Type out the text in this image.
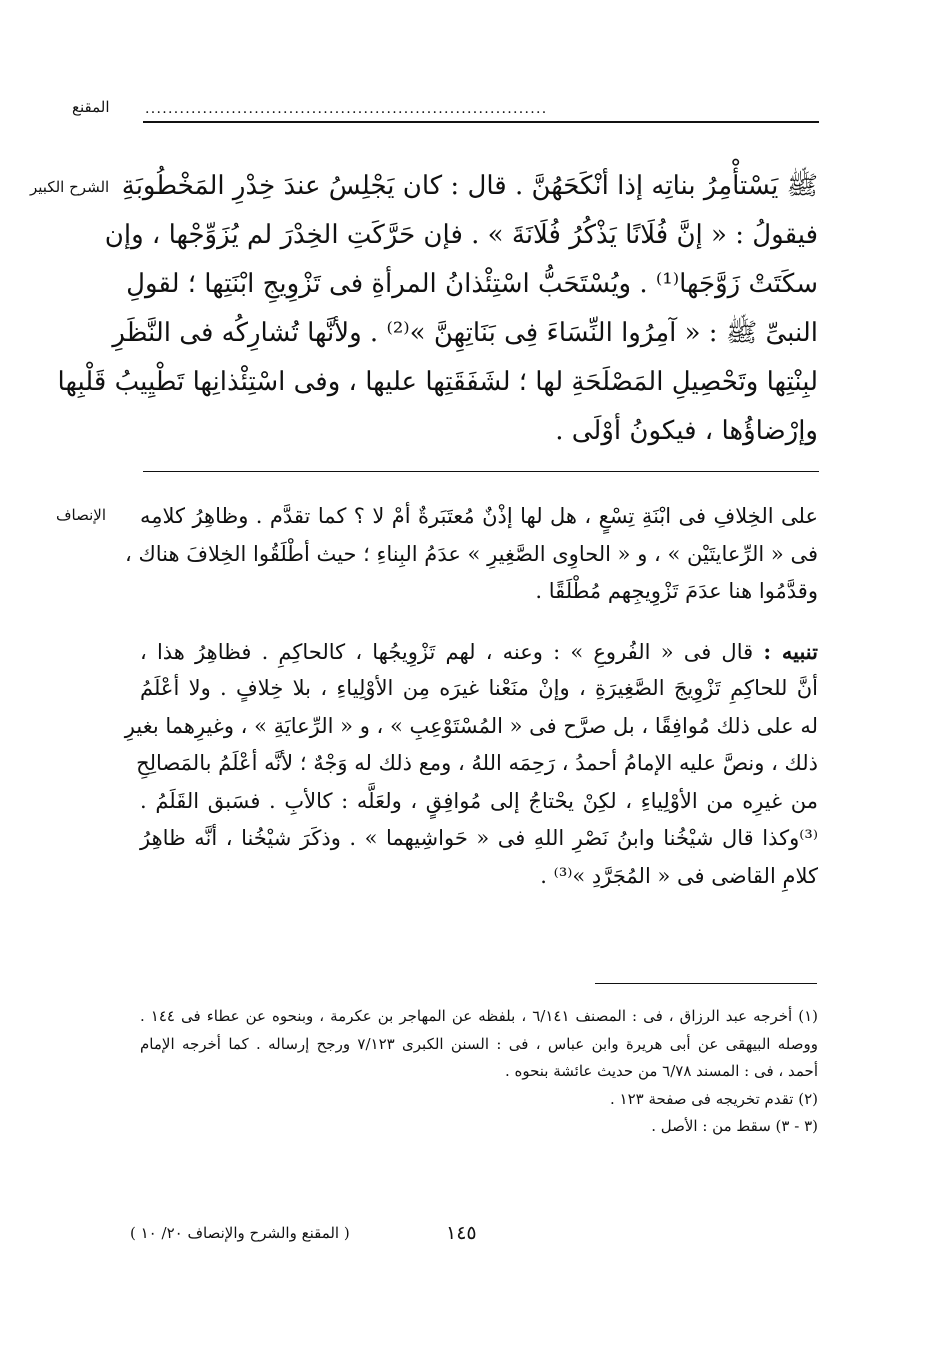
المقنع	......................................................................
الشرح الكبير ﷺ يَسْتأْمِرُ بناتِه إذا أنْكَحَهُنَّ . قال : كان يَجْلِسُ عندَ خِدْرِ المَخْطُوبَةِ
فيقولُ : « إنَّ فُلَانًا يَذْكُرُ فُلَانَةَ » . فإن حَرَّكَتِ الخِدْرَ لم يُزَوِّجْها ، وإن
سكَتَتْ زَوَّجَها⁽¹⁾ . ويُسْتَحَبُّ اسْتِئْذانُ المرأةِ فى تَزْوِيجِ ابْنَتِها ؛ لقولِ
النبىِّ ﷺ : « آمِرُوا النِّسَاءَ فِى بَنَاتِهِنَّ »⁽²⁾ . ولأنَّها تُشارِكُه فى النَّظَرِ
لبِنْتِها وتَحْصِيلِ المَصْلَحَةِ لها ؛ لشَفَقَتِها عليها ، وفى اسْتِئْذانِها تَطْيِيبُ قَلْبِها
وإرْضاؤُها ، فيكونُ أوْلَى .
الإنصاف على الخِلافِ فى ابْنَةِ تِسْعٍ ، هل لها إذْنٌ مُعتَبَرةٌ أمْ لا ؟ كما تقدَّم . وظاهِرُ كلامِه
فى « الرِّعايتَيْن » ، و « الحاوِى الصَّغِيرِ » عدَمُ البِناءِ ؛ حيث أطْلَقُوا الخِلافَ هناك ،
وقدَّمُوا هنا عدَمَ تَزْوِيجِهم مُطْلَقًا .
تنبيه : قال فى « الفُروعِ » : وعنه ، لهم تَزْوِيجُها ، كالحاكِمِ . فظاهِرُ هذا ،
أنَّ للحاكِمِ تَزْوِيجَ الصَّغِيرَةِ ، وإنْ منَعْنا غيرَه مِن الأوْلِياءِ ، بلا خِلافٍ . ولا أعْلَمُ
له على ذلك مُوافِقًا ، بل صرَّح فى « المُسْتَوْعِبِ » ، و « الرِّعايَةِ » ، وغيرِهما بغيرِ
ذلك ، ونصَّ عليه الإمامُ أحمدُ ، رَحِمَه اللهُ ، ومع ذلك له وَجْهٌ ؛ لأنَّه أعْلَمُ بالمَصالِحِ
من غيرِه من الأوْلِياءِ ، لكِنْ يحْتاجُ إلى مُوافِقٍ ، ولعَلَّه : كالأبِ . فسَبق القَلَمُ .
⁽³⁾وكذا قال شيْخُنا وابنُ نَصْرِ اللهِ فى « حَواشِيهما » . وذكَرَ شيْخُنا ، أنَّه ظاهِرُ
كلامِ القاضى فى « المُجَرَّدِ »⁽³⁾ .
(١) أخرجه عبد الرزاق ، فى : المصنف ٦/١٤١ ، بلفظه عن المهاجر بن عكرمة ، وبنحوه عن عطاء فى ١٤٤ .
ووصله البيهقى عن أبى هريرة وابن عباس ، فى : السنن الكبرى ٧/١٢٣ ورجح إرساله . كما أخرجه الإمام
أحمد ، فى : المسند ٦/٧٨ من حديث عائشة بنحوه .
(٢) تقدم تخريجه فى صفحة ١٢٣ .
(٣ - ٣) سقط من : الأصل .
١٤٥
( المقنع والشرح والإنصاف ٢٠/ ١٠ )
